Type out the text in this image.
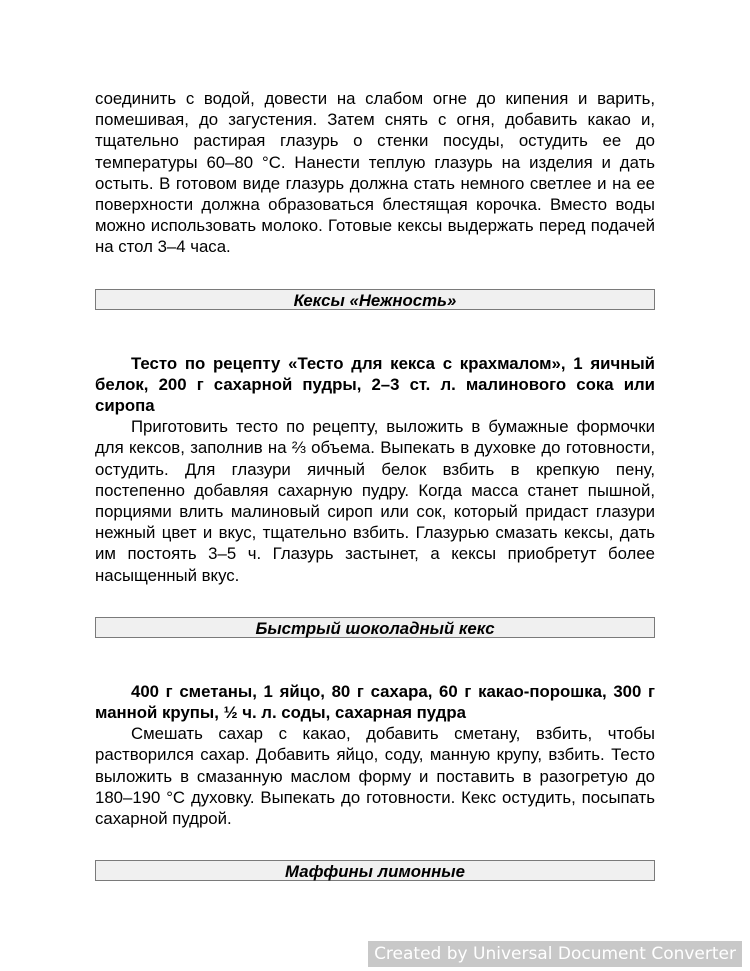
соединить с водой, довести на слабом огне до кипения и варить, помешивая, до загустения. Затем снять с огня, добавить какао и, тщательно растирая глазурь о стенки посуды, остудить ее до температуры 60–80 °C. Нанести теплую глазурь на изделия и дать остыть. В готовом виде глазурь должна стать немного светлее и на ее поверхности должна образоваться блестящая корочка. Вместо воды можно использовать молоко. Готовые кексы выдержать перед подачей на стол 3–4 часа.

Кексы «Нежность»

Тесто по рецепту «Тесто для кекса с крахмалом», 1 яичный белок, 200 г сахарной пудры, 2–3 ст. л. малинового сока или сиропа

Приготовить тесто по рецепту, выложить в бумажные формочки для кексов, заполнив на ⅔ объема. Выпекать в духовке до готовности, остудить. Для глазури яичный белок взбить в крепкую пену, постепенно добавляя сахарную пудру. Когда масса станет пышной, порциями влить малиновый сироп или сок, который придаст глазури нежный цвет и вкус, тщательно взбить. Глазурью смазать кексы, дать им постоять 3–5 ч. Глазурь застынет, а кексы приобретут более насыщенный вкус.

Быстрый шоколадный кекс

400 г сметаны, 1 яйцо, 80 г сахара, 60 г какао-порошка, 300 г манной крупы, ½ ч. л. соды, сахарная пудра

Смешать сахар с какао, добавить сметану, взбить, чтобы растворился сахар. Добавить яйцо, соду, манную крупу, взбить. Тесто выложить в смазанную маслом форму и поставить в разогретую до 180–190 °С духовку. Выпекать до готовности. Кекс остудить, посыпать сахарной пудрой.

Маффины лимонные
Created by Universal Document Converter
